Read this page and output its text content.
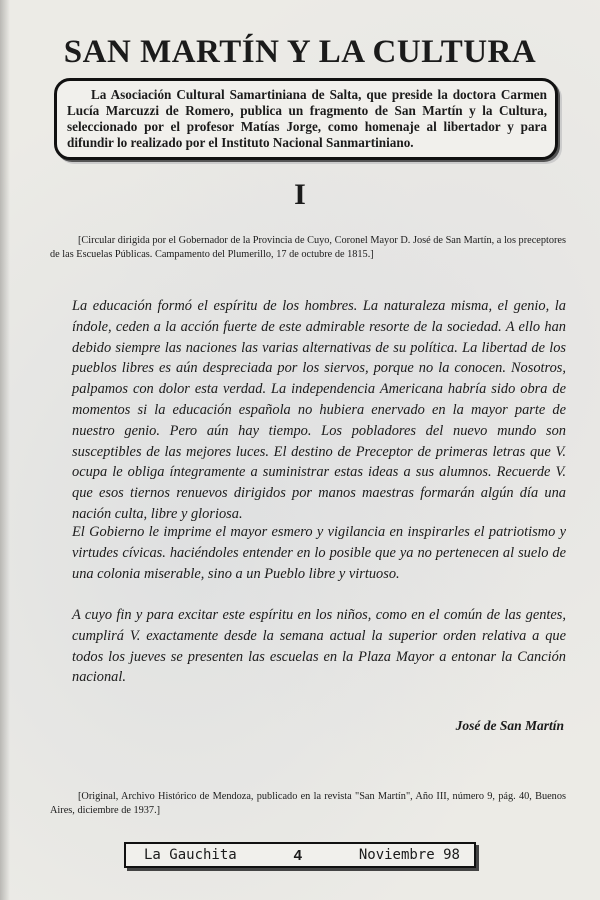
SAN MARTÍN Y LA CULTURA

La Asociación Cultural Samartiniana de Salta, que preside la doctora Carmen Lucía Marcuzzi de Romero, publica un fragmento de San Martín y la Cultura, seleccionado por el profesor Matías Jorge, como homenaje al libertador y para difundir lo realizado por el Instituto Nacional Sanmartiniano.

I

[Circular dirigida por el Gobernador de la Provincia de Cuyo, Coronel Mayor D. José de San Martín, a los preceptores de las Escuelas Públicas. Campamento del Plumerillo, 17 de octubre de 1815.]

La educación formó el espíritu de los hombres. La naturaleza misma, el genio, la índole, ceden a la acción fuerte de este admirable resorte de la sociedad. A ello han debido siempre las naciones las varias alternativas de su política. La libertad de los pueblos libres es aún despreciada por los siervos, porque no la conocen. Nosotros, palpamos con dolor esta verdad. La independencia Americana habría sido obra de momentos si la educación española no hubiera enervado en la mayor parte de nuestro genio. Pero aún hay tiempo. Los pobladores del nuevo mundo son susceptibles de las mejores luces. El destino de Preceptor de primeras letras que V. ocupa le obliga íntegramente a suministrar estas ideas a sus alumnos. Recuerde V. que esos tiernos renuevos dirigidos por manos maestras formarán algún día una nación culta, libre y gloriosa.

El Gobierno le imprime el mayor esmero y vigilancia en inspirarles el patriotismo y virtudes cívicas. haciéndoles entender en lo posible que ya no pertenecen al suelo de una colonia miserable, sino a un Pueblo libre y virtuoso.

A cuyo fin y para excitar este espíritu en los niños, como en el común de las gentes, cumplirá V. exactamente desde la semana actual la superior orden relativa a que todos los jueves se presenten las escuelas en la Plaza Mayor a entonar la Canción nacional.

José de San Martín

[Original, Archivo Histórico de Mendoza, publicado en la revista "San Martín", Año III, número 9, pág. 40, Buenos Aires, diciembre de 1937.]

La Gauchita	4	Noviembre 98
